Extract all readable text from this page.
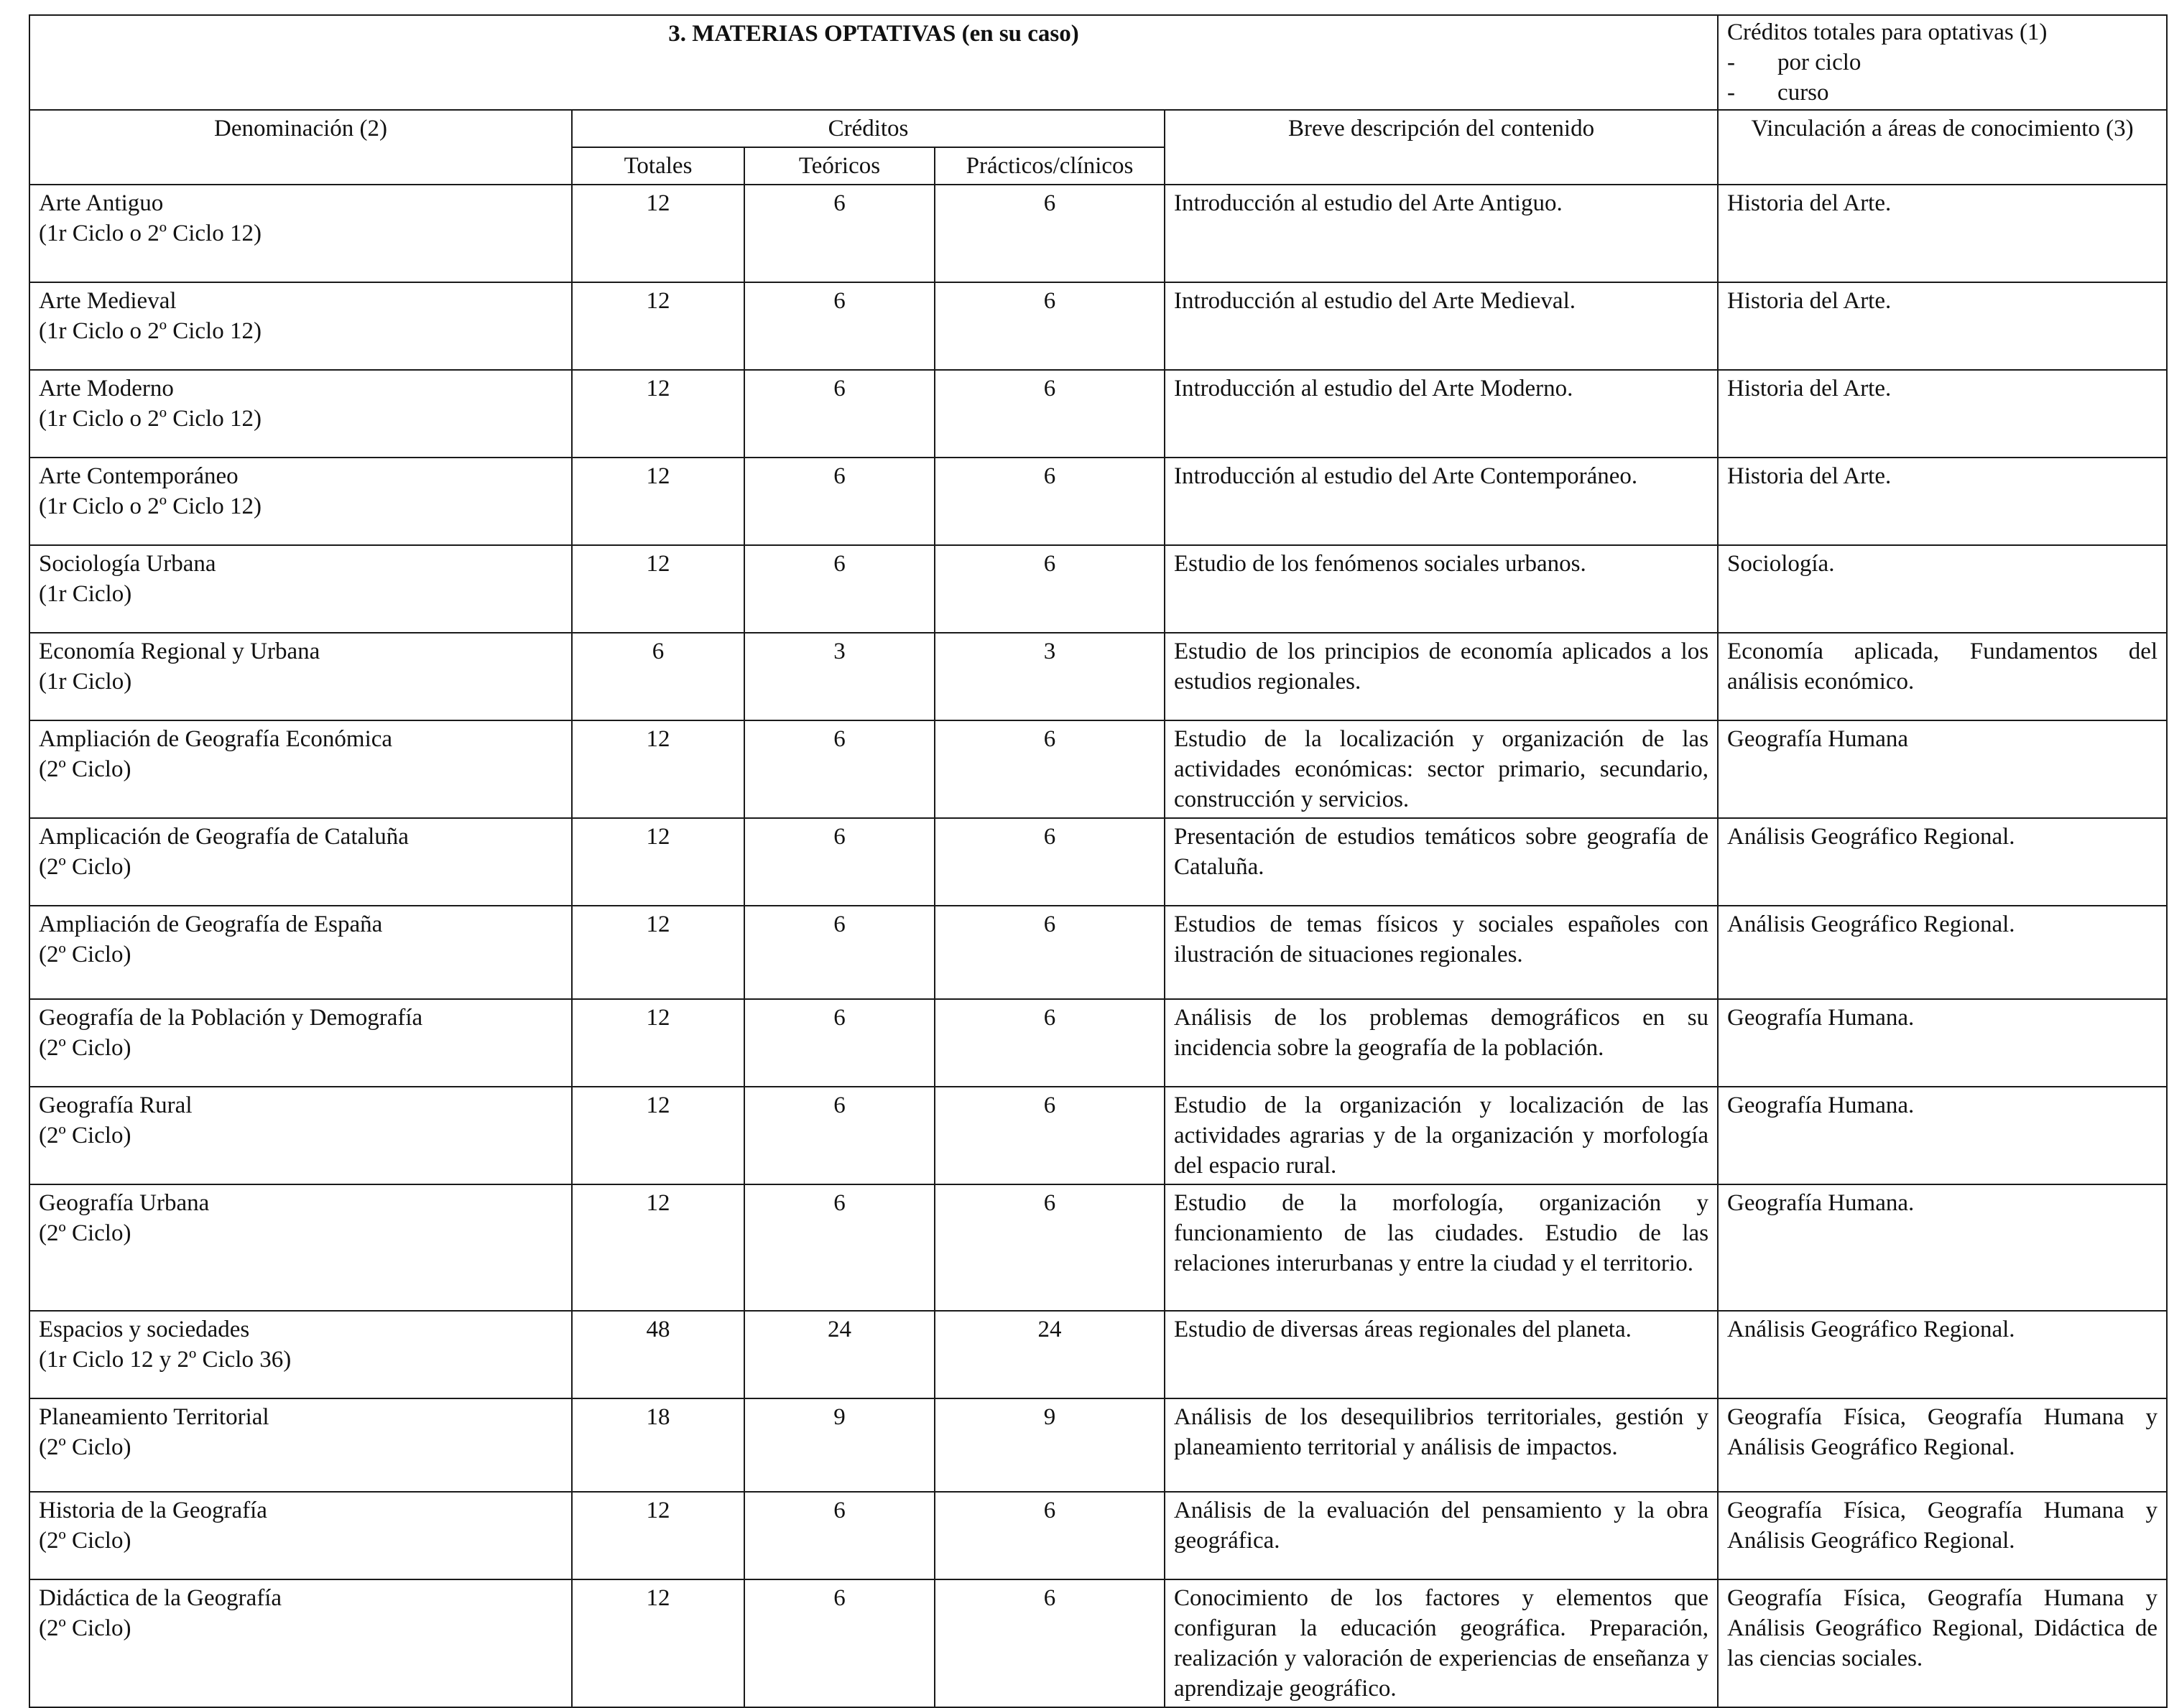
3. MATERIAS OPTATIVAS (en su caso)					Créditos totales para optativas (1)
- por ciclo
- curso

Denominación (2)	Créditos			Breve descripción del contenido	Vinculación a áreas de conocimiento (3)
	Totales	Teóricos	Prácticos/clínicos		

Arte Antiguo
(1r Ciclo o 2º Ciclo 12)	12	6	6	Introducción al estudio del Arte Antiguo.	Historia del Arte.

Arte Medieval
(1r Ciclo o 2º Ciclo 12)	12	6	6	Introducción al estudio del Arte Medieval.	Historia del Arte.

Arte Moderno
(1r Ciclo o 2º Ciclo 12)	12	6	6	Introducción al estudio del Arte Moderno.	Historia del Arte.

Arte Contemporáneo
(1r Ciclo o 2º Ciclo 12)	12	6	6	Introducción al estudio del Arte Contemporáneo.	Historia del Arte.

Sociología Urbana
(1r Ciclo)	12	6	6	Estudio de los fenómenos sociales urbanos.	Sociología.

Economía Regional y Urbana
(1r Ciclo)	6	3	3	Estudio de los principios de economía aplicados a los estudios regionales.	Economía aplicada, Fundamentos del análisis económico.

Ampliación de Geografía Económica
(2º Ciclo)	12	6	6	Estudio de la localización y organización de las actividades económicas: sector primario, secundario, construcción y servicios.	Geografía Humana

Amplicación de Geografía de Cataluña
(2º Ciclo)	12	6	6	Presentación de estudios temáticos sobre geografía de Cataluña.	Análisis Geográfico Regional.

Ampliación de Geografía de España
(2º Ciclo)	12	6	6	Estudios de temas físicos y sociales españoles con ilustración de situaciones regionales.	Análisis Geográfico Regional.

Geografía de la Población y Demografía
(2º Ciclo)	12	6	6	Análisis de los problemas demográficos en su incidencia sobre la geografía de la población.	Geografía Humana.

Geografía Rural
(2º Ciclo)	12	6	6	Estudio de la organización y localización de las actividades agrarias y de la organización y morfología del espacio rural.	Geografía Humana.

Geografía Urbana
(2º Ciclo)	12	6	6	Estudio de la morfología, organización y funcionamiento de las ciudades. Estudio de las relaciones interurbanas y entre la ciudad y el territorio.	Geografía Humana.

Espacios y sociedades
(1r Ciclo 12 y 2º Ciclo 36)	48	24	24	Estudio de diversas áreas regionales del planeta.	Análisis Geográfico Regional.

Planeamiento Territorial
(2º Ciclo)	18	9	9	Análisis de los desequilibrios territoriales, gestión y planeamiento territorial y análisis de impactos.	Geografía Física, Geografía Humana y Análisis Geográfico Regional.

Historia de la Geografía
(2º Ciclo)	12	6	6	Análisis de la evaluación del pensamiento y la obra geográfica.	Geografía Física, Geografía Humana y Análisis Geográfico Regional.

Didáctica de la Geografía
(2º Ciclo)	12	6	6	Conocimiento de los factores y elementos que configuran la educación geográfica. Preparación, realización y valoración de experiencias de enseñanza y aprendizaje geográfico.	Geografía Física, Geografía Humana y Análisis Geográfico Regional, Didáctica de las ciencias sociales.
